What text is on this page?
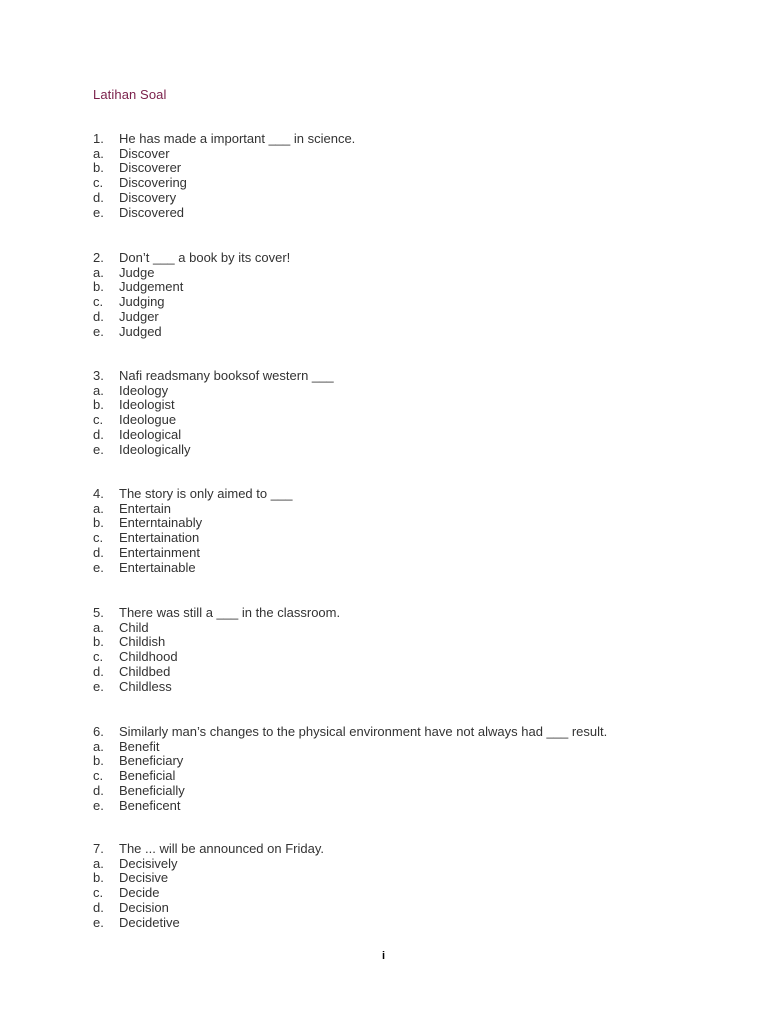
Latihan Soal
1.	He has made a important ___ in science.
a.	Discover
b.	Discoverer
c.	Discovering
d.	Discovery
e.	Discovered
2.	Don’t ___ a book by its cover!
a.	Judge
b.	Judgement
c.	Judging
d.	Judger
e.	Judged
3.	Nafi readsmany booksof western ___
a.	Ideology
b.	Ideologist
c.	Ideologue
d.	Ideological
e.	Ideologically
4.	The story is only aimed to ___
a.	Entertain
b.	Enterntainably
c.	Entertaination
d.	Entertainment
e.	Entertainable
5.	There was still a ___ in the classroom.
a.	Child
b.	Childish
c.	Childhood
d.	Childbed
e.	Childless
6.	Similarly man’s changes to the physical environment have not always had ___ result.
a.	Benefit
b.	Beneficiary
c.	Beneficial
d.	Beneficially
e.	Beneficent
7.	The ... will be announced on Friday.
a.	Decisively
b.	Decisive
c.	Decide
d.	Decision
e.	Decidetive
i
